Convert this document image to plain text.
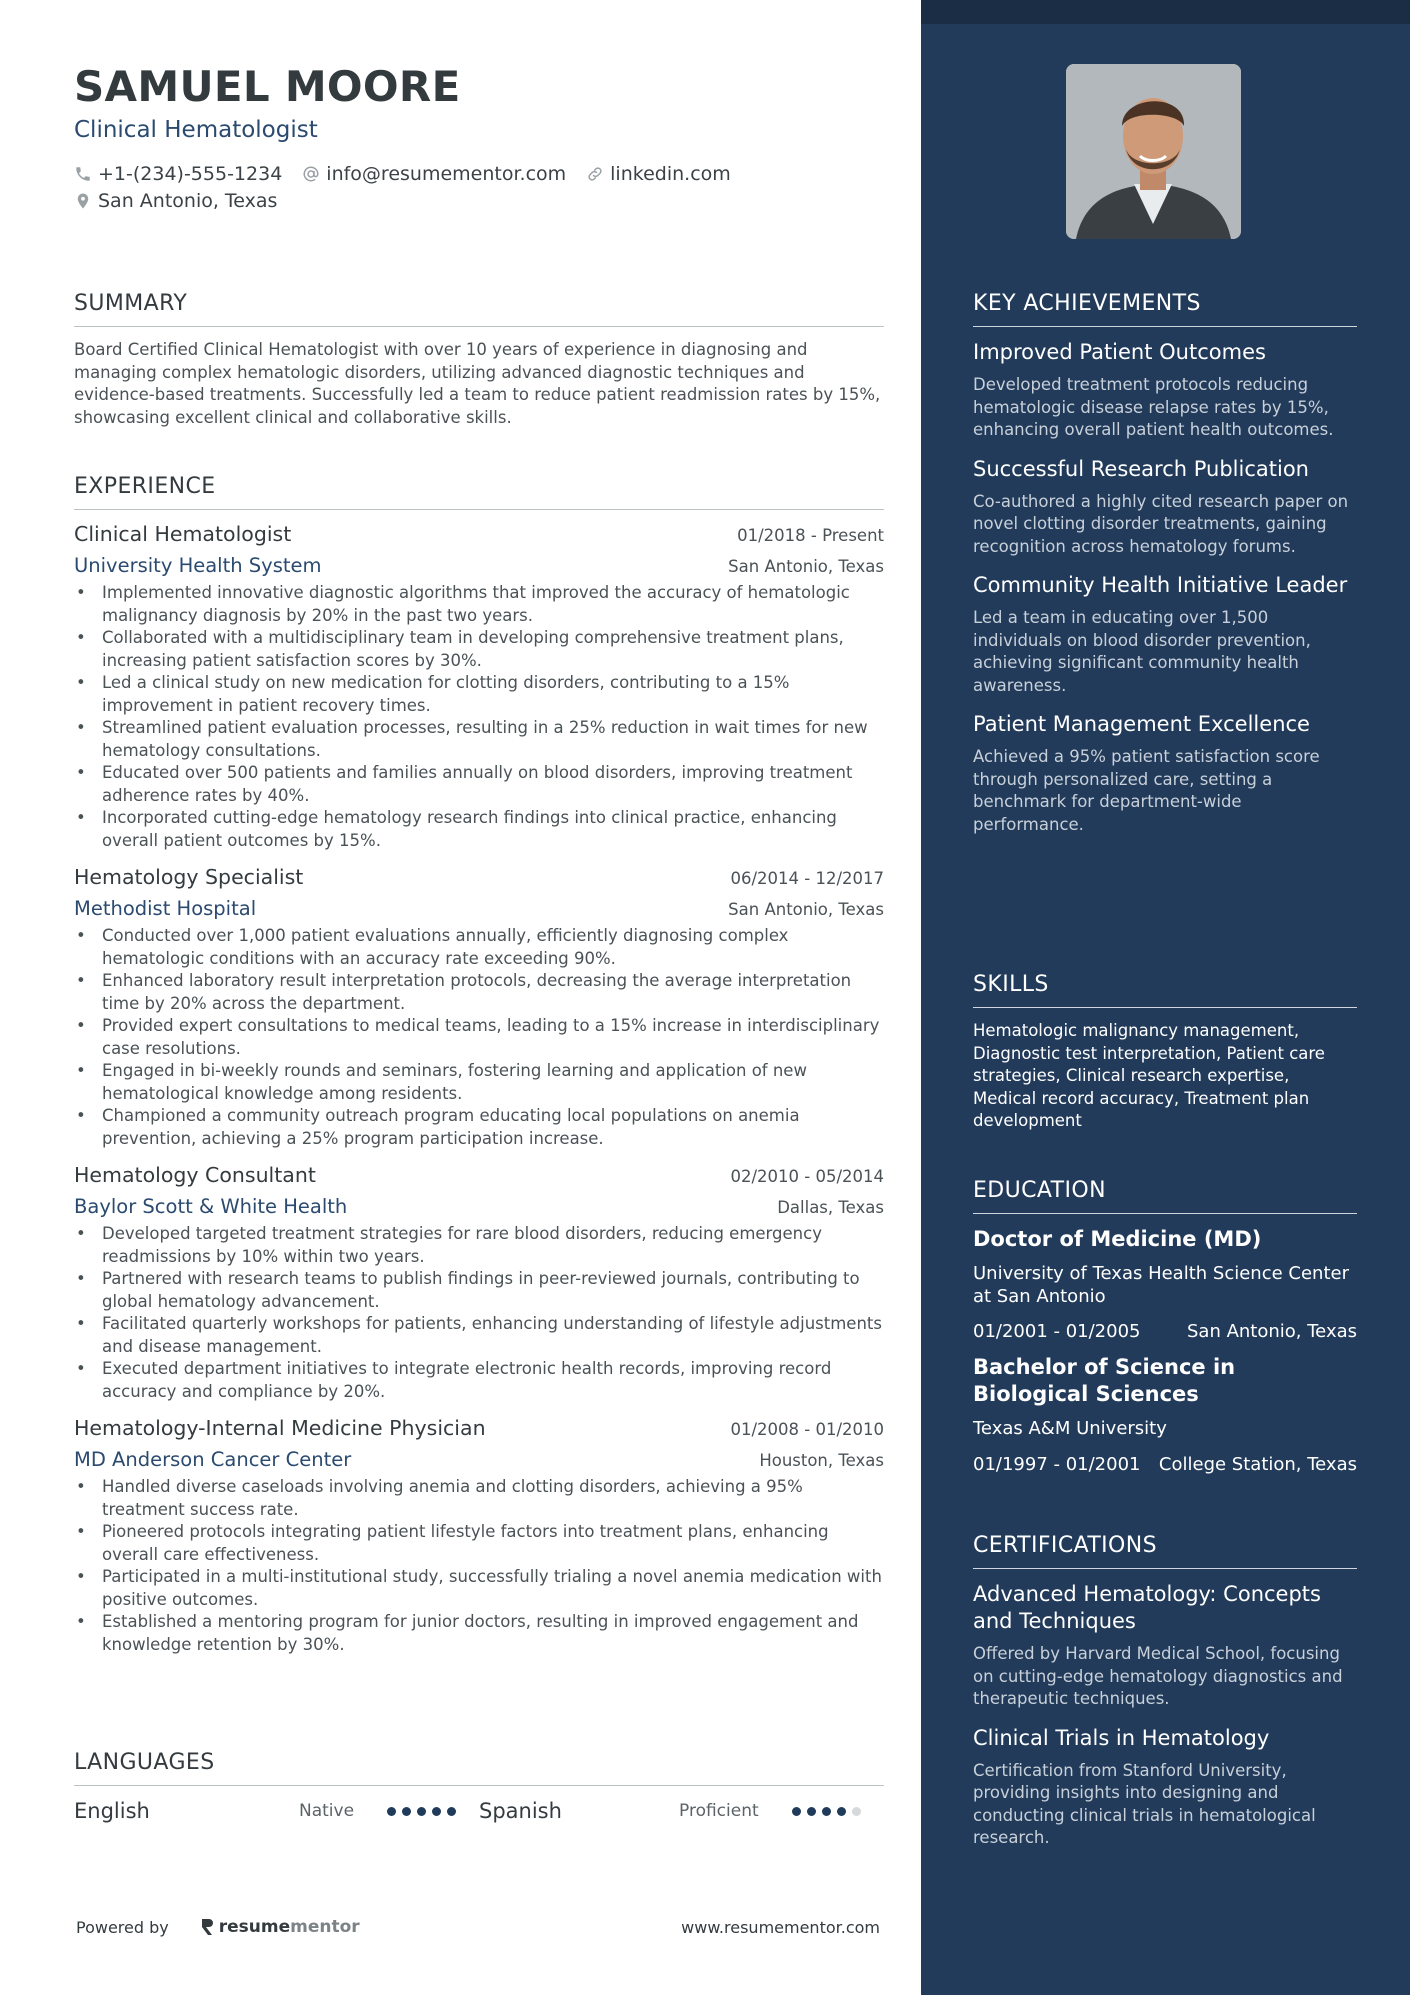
SAMUEL MOORE
Clinical Hematologist
+1-(234)-555-1234 info@resumementor.com linkedin.com
San Antonio, Texas
SUMMARY

Board Certified Clinical Hematologist with over 10 years of experience in diagnosing and managing complex hematologic disorders, utilizing advanced diagnostic techniques and evidence-based treatments. Successfully led a team to reduce patient readmission rates by 15%, showcasing excellent clinical and collaborative skills.

EXPERIENCE
Clinical Hematologist	01/2018 - Present
University Health System	San Antonio, Texas
• Implemented innovative diagnostic algorithms that improved the accuracy of hematologic malignancy diagnosis by 20% in the past two years.
• Collaborated with a multidisciplinary team in developing comprehensive treatment plans, increasing patient satisfaction scores by 30%.
• Led a clinical study on new medication for clotting disorders, contributing to a 15% improvement in patient recovery times.
• Streamlined patient evaluation processes, resulting in a 25% reduction in wait times for new hematology consultations.
• Educated over 500 patients and families annually on blood disorders, improving treatment adherence rates by 40%.
• Incorporated cutting-edge hematology research findings into clinical practice, enhancing overall patient outcomes by 15%.
Hematology Specialist	06/2014 - 12/2017
Methodist Hospital	San Antonio, Texas
• Conducted over 1,000 patient evaluations annually, efficiently diagnosing complex hematologic conditions with an accuracy rate exceeding 90%.
• Enhanced laboratory result interpretation protocols, decreasing the average interpretation time by 20% across the department.
• Provided expert consultations to medical teams, leading to a 15% increase in interdisciplinary case resolutions.
• Engaged in bi-weekly rounds and seminars, fostering learning and application of new hematological knowledge among residents.
• Championed a community outreach program educating local populations on anemia prevention, achieving a 25% program participation increase.
Hematology Consultant	02/2010 - 05/2014
Baylor Scott & White Health	Dallas, Texas
• Developed targeted treatment strategies for rare blood disorders, reducing emergency readmissions by 10% within two years.
• Partnered with research teams to publish findings in peer-reviewed journals, contributing to global hematology advancement.
• Facilitated quarterly workshops for patients, enhancing understanding of lifestyle adjustments and disease management.
• Executed department initiatives to integrate electronic health records, improving record accuracy and compliance by 20%.
Hematology-Internal Medicine Physician	01/2008 - 01/2010
MD Anderson Cancer Center	Houston, Texas
• Handled diverse caseloads involving anemia and clotting disorders, achieving a 95% treatment success rate.
• Pioneered protocols integrating patient lifestyle factors into treatment plans, enhancing overall care effectiveness.
• Participated in a multi-institutional study, successfully trialing a novel anemia medication with positive outcomes.
• Established a mentoring program for junior doctors, resulting in improved engagement and knowledge retention by 30%.
LANGUAGES
English	Native	Spanish	Proficient
Powered by	resume mentor	www.resumementor.com
KEY ACHIEVEMENTS
Improved Patient Outcomes
Developed treatment protocols reducing hematologic disease relapse rates by 15%, enhancing overall patient health outcomes.
Successful Research Publication
Co-authored a highly cited research paper on novel clotting disorder treatments, gaining recognition across hematology forums.
Community Health Initiative Leader
Led a team in educating over 1,500 individuals on blood disorder prevention, achieving significant community health awareness.
Patient Management Excellence
Achieved a 95% patient satisfaction score through personalized care, setting a benchmark for department-wide performance.
SKILLS
Hematologic malignancy management, Diagnostic test interpretation, Patient care strategies, Clinical research expertise, Medical record accuracy, Treatment plan development
EDUCATION
Doctor of Medicine (MD)
University of Texas Health Science Center at San Antonio
01/2001 - 01/2005	San Antonio, Texas
Bachelor of Science in Biological Sciences
Texas A&M University
01/1997 - 01/2001 College Station, Texas
CERTIFICATIONS
Advanced Hematology: Concepts and Techniques
Offered by Harvard Medical School, focusing on cutting-edge hematology diagnostics and therapeutic techniques.
Clinical Trials in Hematology
Certification from Stanford University, providing insights into designing and conducting clinical trials in hematological research.
